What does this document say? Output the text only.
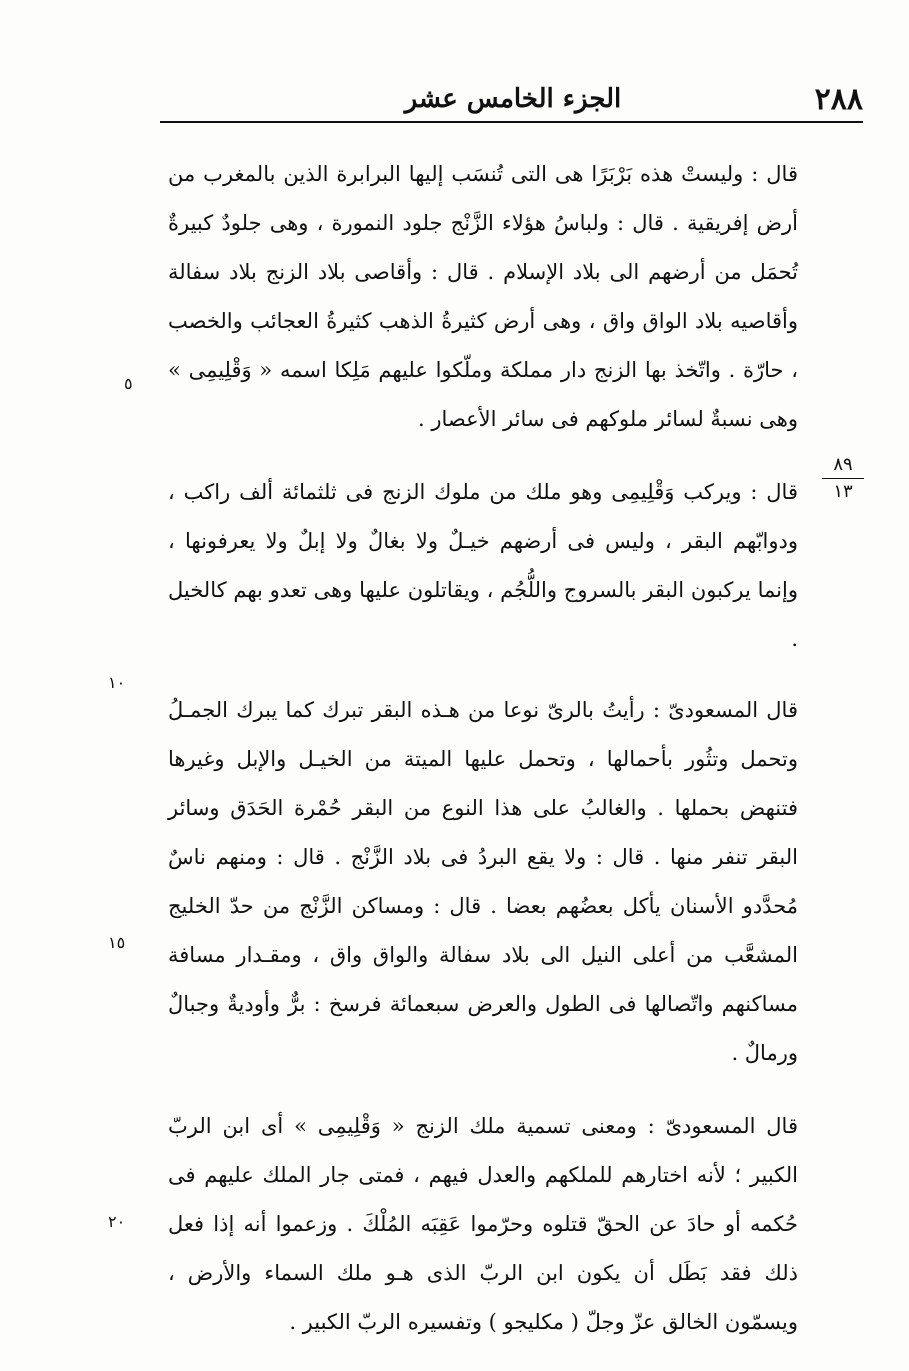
٢٨٨
الجزء الخامس عشر
٨٩
١٣
٥
١٠
١٥
٢٠

قال : وليستْ هذه بَرْبَرًا هى التى تُنسَب إليها البرابرة الذين بالمغرب من أرض إفريقية . قال : ولباسُ هؤلاء الزَّنْج جلود النمورة ، وهى جلودٌ كبيرةٌ تُحمَل من أرضهم الى بلاد الإسلام . قال : وأقاصى بلاد الزنج بلاد سفالة وأقاصيه بلاد الواق واق ، وهى أرض كثيرةُ الذهب كثيرةُ العجائب والخصب ، حارّة . واتّخذ بها الزنج دار مملكة وملّكوا عليهم مَلِكا اسمه « وَقْلِيمِى » وهى نسبةٌ لسائر ملوكهم فى سائر الأعصار .

قال : ويركب وَقْلِيمِى وهو ملك من ملوك الزنج فى ثلثمائة ألف راكب ، ودوابّهم البقر ، وليس فى أرضهم خيـلٌ ولا بغالٌ ولا إبلٌ ولا يعرفونها ، وإنما يركبون البقر بالسروج واللُّجُم ، ويقاتلون عليها وهى تعدو بهم كالخيل .

قال المسعودىّ : رأيتُ بالرىّ نوعا من هـذه البقر تبرك كما يبرك الجمـلُ وتحمل وتثُور بأحمالها ، وتحمل عليها الميتة من الخيـل والإبل وغيرها فتنهض بحملها . والغالبُ على هذا النوع من البقر حُمْرة الحَدَق وسائر البقر تنفر منها . قال : ولا يقع البردُ فى بلاد الزَّنْج . قال : ومنهم ناسٌ مُحدَّدو الأسنان يأكل بعضُهم بعضا . قال : ومساكن الزَّنْج من حدّ الخليج المشعَّب من أعلى النيل الى بلاد سفالة والواق واق ، ومقـدار مسافة مساكنهم واتّصالها فى الطول والعرض سبعمائة فرسخ : برٌّ وأوديةٌ وجبالٌ ورمالٌ .

قال المسعودىّ : ومعنى تسمية ملك الزنج « وَقْلِيمِى » أى ابن الربّ الكبير ؛ لأنه اختارهم للملكهم والعدل فيهم ، فمتى جار الملك عليهم فى حُكمه أو حادَ عن الحقّ قتلوه وحرّموا عَقِبَه المُلْكَ . وزعموا أنه إذا فعل ذلك فقد بَطَل أن يكون ابن الربّ الذى هـو ملك السماء والأرض ، ويسمّون الخالق عزّ وجلّ ( مكليجو ) وتفسيره الربّ الكبير .
